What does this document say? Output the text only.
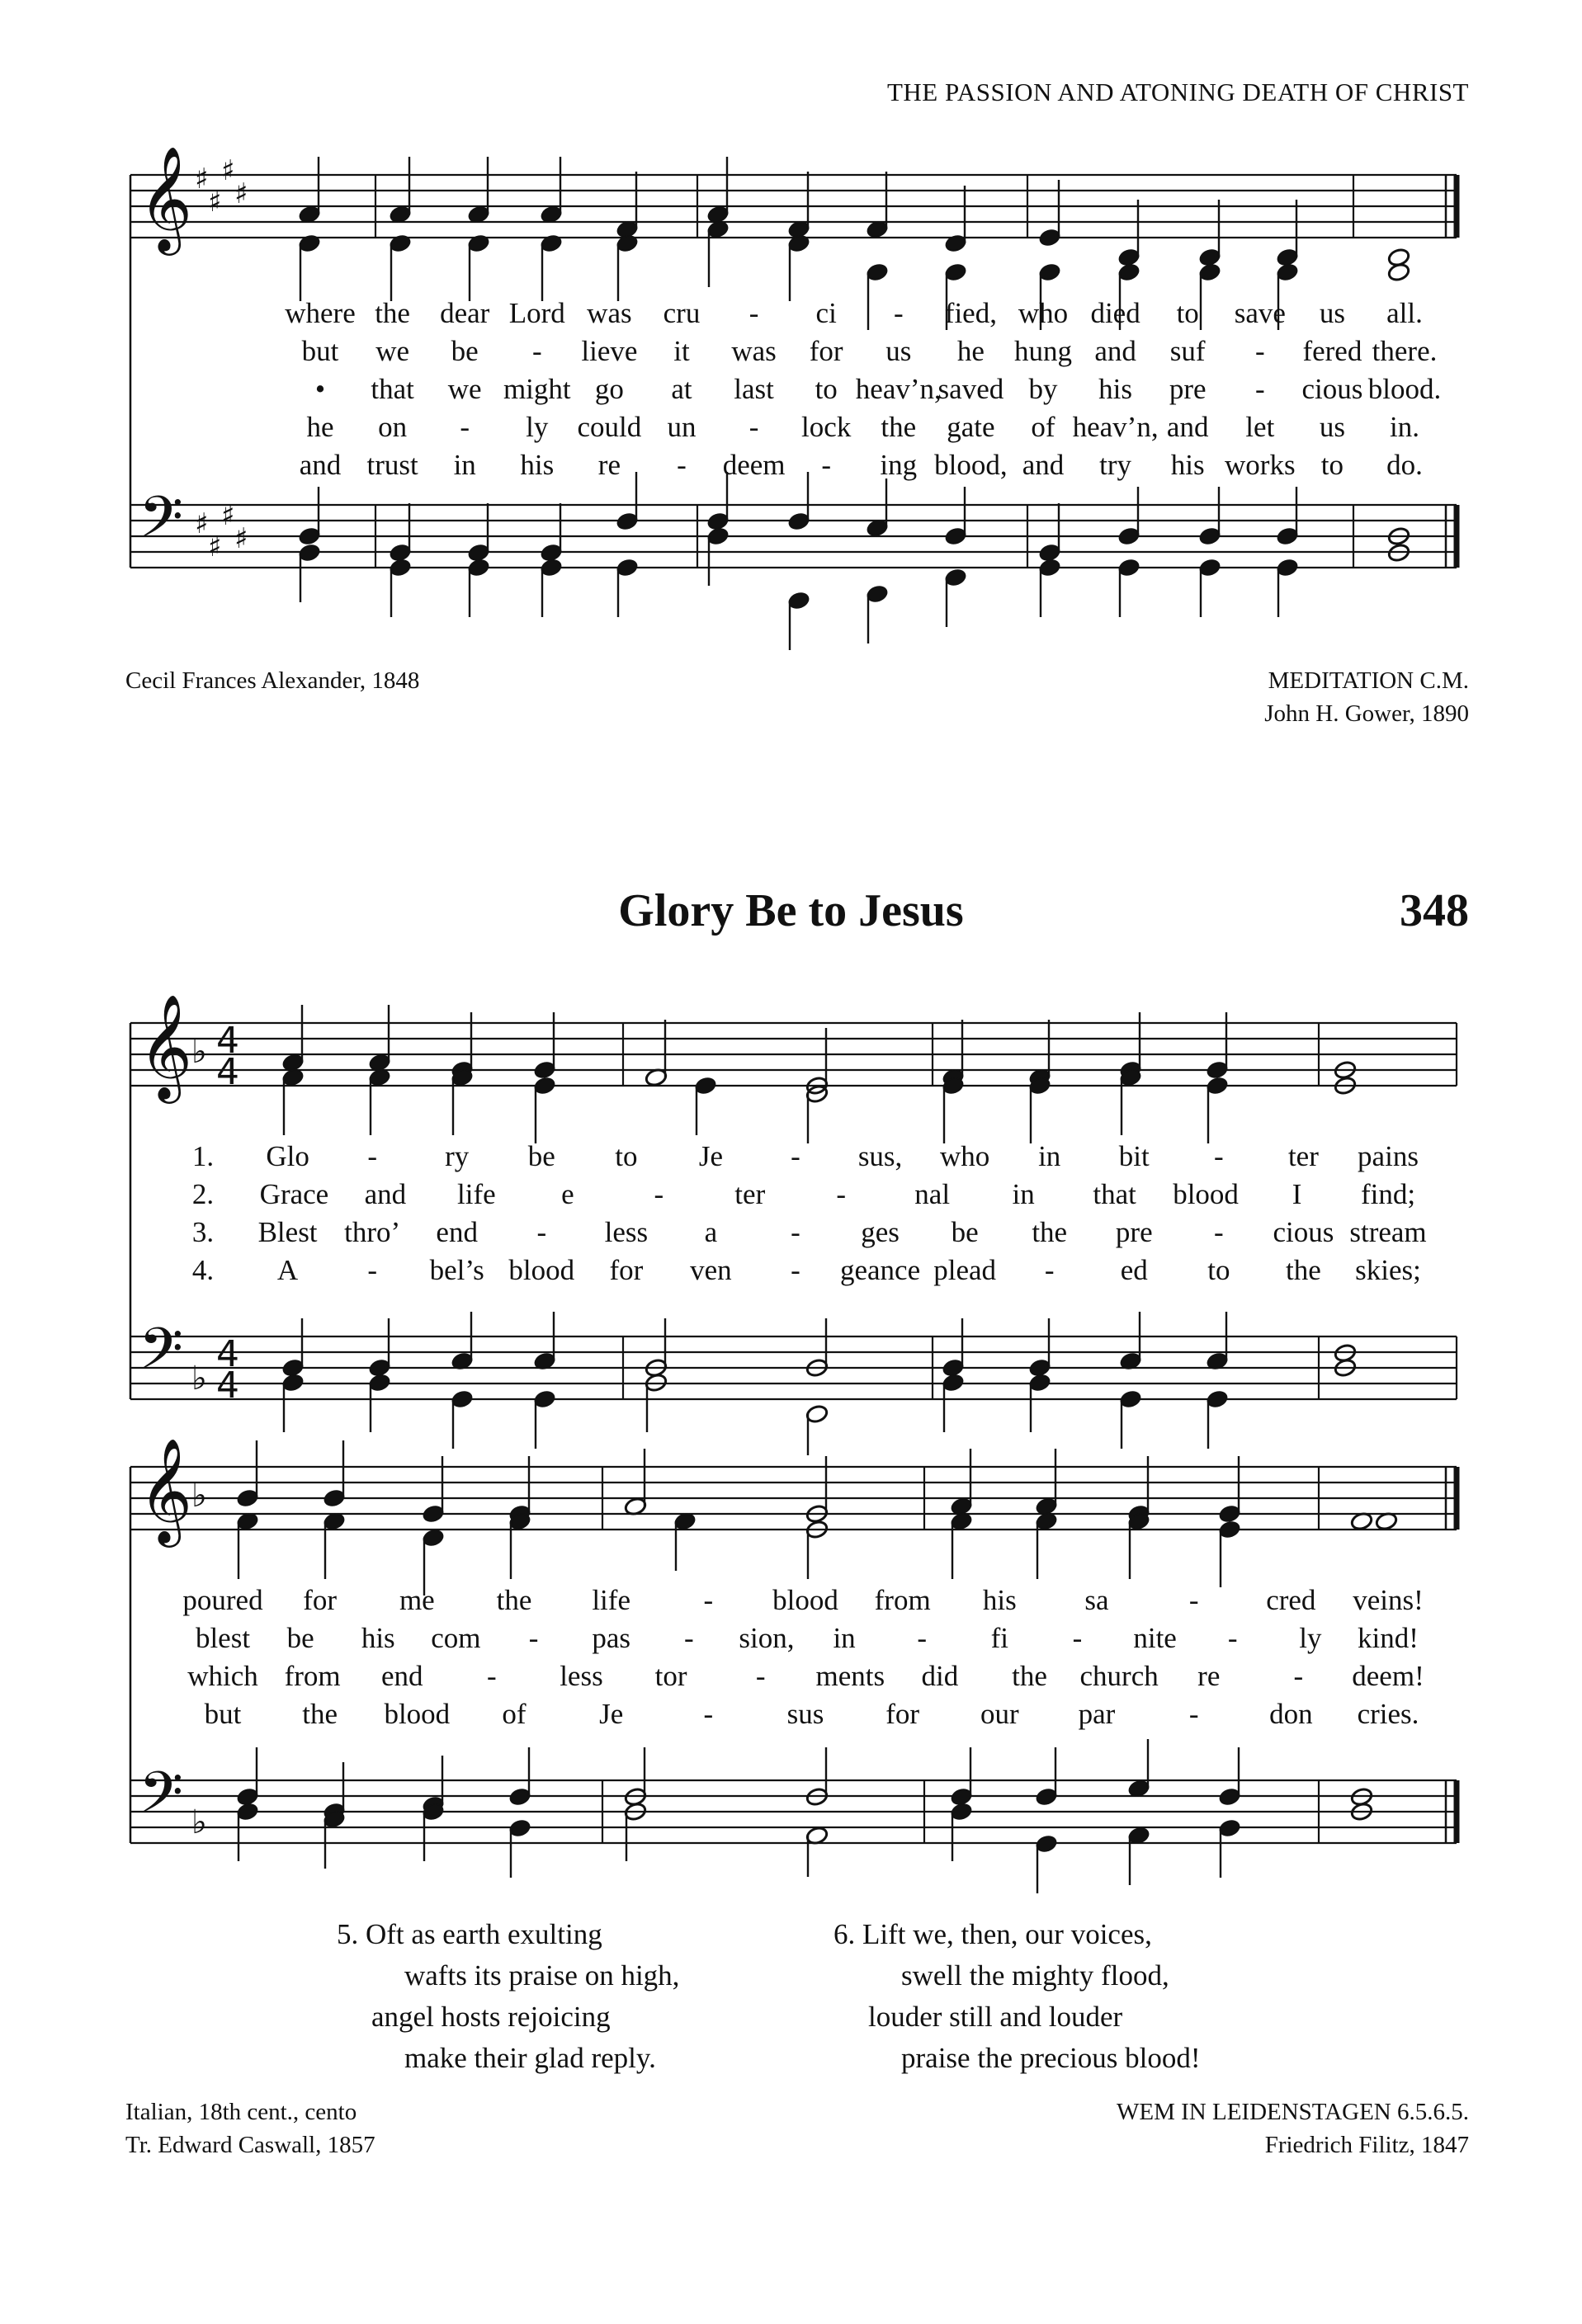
THE PASSION AND ATONING DEATH OF CHRIST
𝄞
𝄢
♯
♯
♯
♯
♯
♯
♯
♯
𝄞
𝄢
♭
♭
4
4
4
4
𝄞
𝄢
♭
♭
where the dear Lord was cru - ci - fied, who died to save us all.
but we be - lieve it was for us he hung and suf - fered there.
• that we might go at last to heav’n,
saved by his pre - cious blood.
he on - ly could un - lock the gate of heav’n, and let us in.
and trust in his re - deem - ing blood, and try his works to do.
Cecil Frances Alexander, 1848	MEDITATION C.M.
John H. Gower, 1890
Glory Be to Jesus	348
1. Glo - ry be to Je - sus, who in bit - ter pains
2. Grace and life e	- ter - nal in that blood I find;
3. Blest thro’ end - less a	- ges be the pre - cious stream
4. A - bel’s blood for ven - geance plead - ed to the skies;
poured for me the life	- blood from his sa	- cred veins!
blest be his com - pas - sion, in - fi - nite - ly kind!
which from end - less tor - ments did the church re	- deem!
but the blood of	Je	-	sus for our par	- don cries.
5. Oft as earth exulting
wafts its praise on high,
angel hosts rejoicing
make their glad reply.
6. Lift we, then, our voices,
swell the mighty flood,
louder still and louder
praise the precious blood!
Italian, 18th cent., cento
Tr. Edward Caswall, 1857
WEM IN LEIDENSTAGEN 6.5.6.5.
Friedrich Filitz, 1847
